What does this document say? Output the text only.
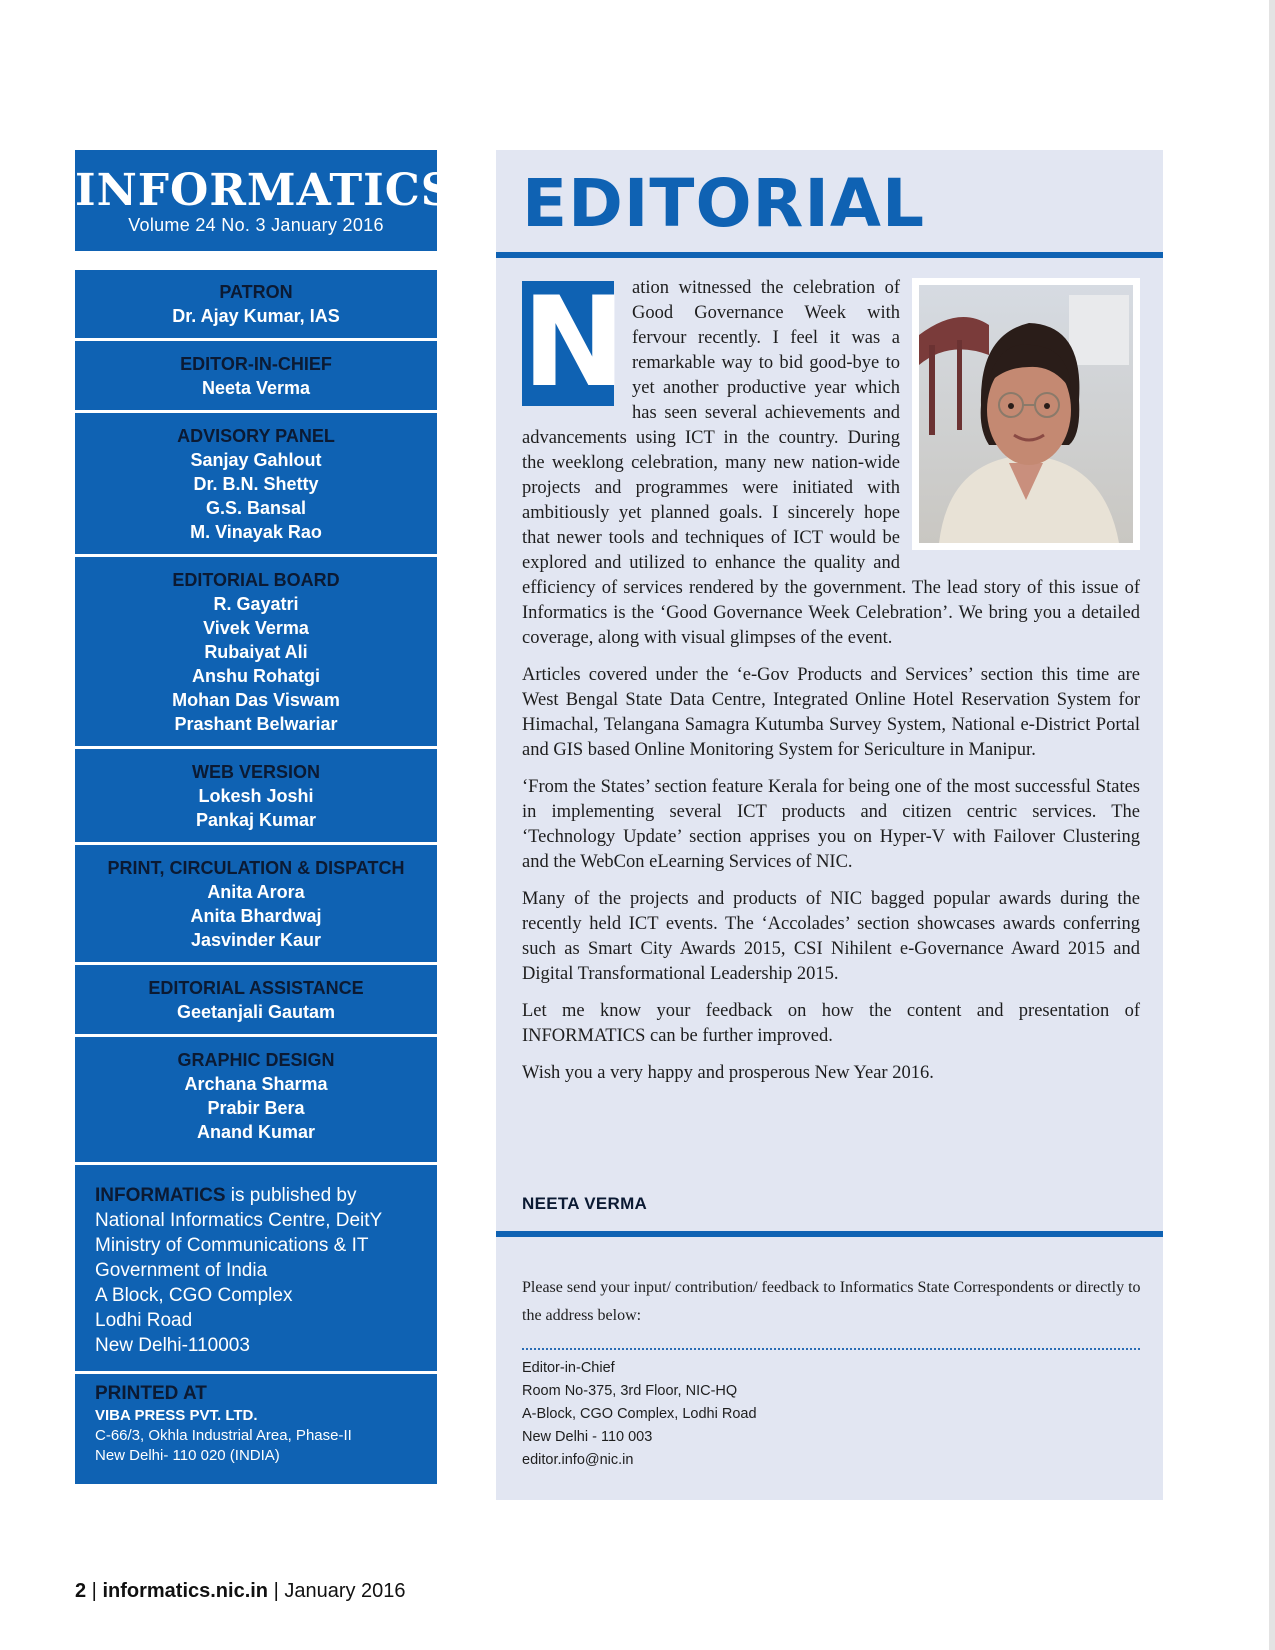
INFORMATICS
Volume 24 No. 3 January 2016
PATRON
Dr. Ajay Kumar, IAS
EDITOR-IN-CHIEF
Neeta Verma
ADVISORY PANEL
Sanjay Gahlout
Dr. B.N. Shetty
G.S. Bansal
M. Vinayak Rao
EDITORIAL BOARD
R. Gayatri
Vivek Verma
Rubaiyat Ali
Anshu Rohatgi
Mohan Das Viswam
Prashant Belwariar
WEB VERSION
Lokesh Joshi
Pankaj Kumar
PRINT, CIRCULATION & DISPATCH
Anita Arora
Anita Bhardwaj
Jasvinder Kaur
EDITORIAL ASSISTANCE
Geetanjali Gautam
GRAPHIC DESIGN
Archana Sharma
Prabir Bera
Anand Kumar
INFORMATICS is published by
National Informatics Centre, DeitY
Ministry of Communications & IT
Government of India
A Block, CGO Complex
Lodhi Road
New Delhi-110003
PRINTED AT
VIBA PRESS PVT. LTD.
C-66/3, Okhla Industrial Area, Phase-II
New Delhi- 110 020 (INDIA)
EDITORIAL

N ation witnessed the celebration of Good Governance Week with fervour recently. I feel it was a remarkable way to bid good-bye to yet another productive year which has seen several achievements and advancements using ICT in the country. During the weeklong celebration, many new nation-wide projects and programmes were initiated with ambitiously yet planned goals. I sincerely hope that newer tools and techniques of ICT would be explored and utilized to enhance the quality and efficiency of services rendered by the government. The lead story of this issue of Informatics is the ‘Good Governance Week Celebration’. We bring you a detailed coverage, along with visual glimpses of the event.

Articles covered under the ‘e-Gov Products and Services’ section this time are West Bengal State Data Centre, Integrated Online Hotel Reservation System for Himachal, Telangana Samagra Kutumba Survey System, National e-District Portal and GIS based Online Monitoring System for Sericulture in Manipur.

‘From the States’ section feature Kerala for being one of the most successful States in implementing several ICT products and citizen centric services. The ‘Technology Update’ section apprises you on Hyper-V with Failover Clustering and the WebCon eLearning Services of NIC.

Many of the projects and products of NIC bagged popular awards during the recently held ICT events. The ‘Accolades’ section showcases awards conferring such as Smart City Awards 2015, CSI Nihilent e-Governance Award 2015 and Digital Transformational Leadership 2015.

Let me know your feedback on how the content and presentation of INFORMATICS can be further improved.

Wish you a very happy and prosperous New Year 2016.

NEETA VERMA
Please send your input/ contribution/ feedback to Informatics State Correspondents or directly to the address below:
Editor-in-Chief
Room No-375, 3rd Floor, NIC-HQ
A-Block, CGO Complex, Lodhi Road
New Delhi - 110 003
editor.info@nic.in
2 | informatics.nic.in | January 2016
